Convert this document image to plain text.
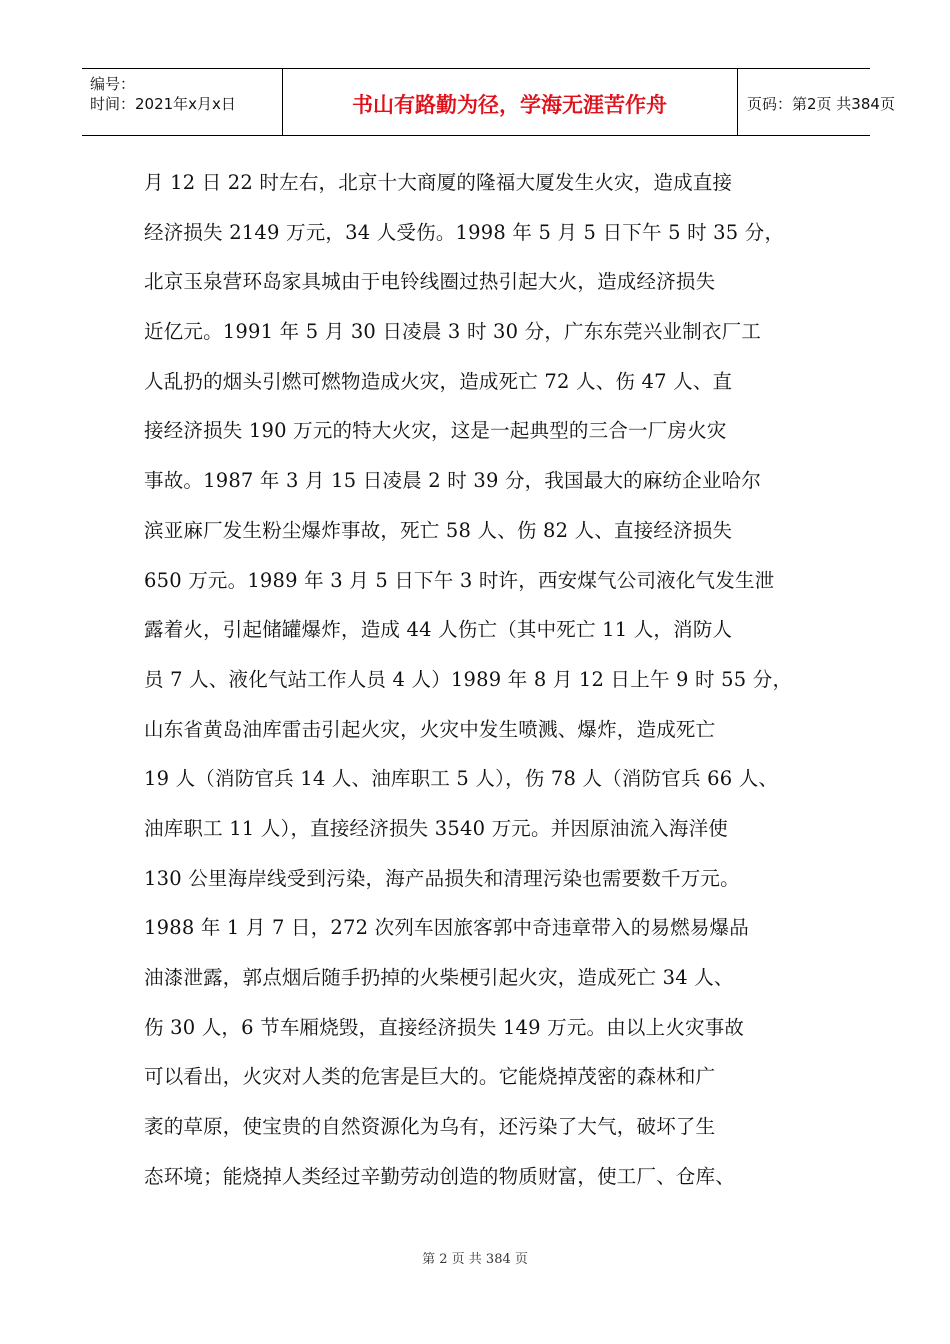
编号：
时间：2021年x月x日	书山有路勤为径，学海无涯苦作舟	页码：第2页 共384页
月 12 日 22 时左右，北京十大商厦的隆福大厦发生火灾，造成直接
经济损失 2149 万元，34 人受伤。1998 年 5 月 5 日下午 5 时 35 分，
北京玉泉营环岛家具城由于电铃线圈过热引起大火，造成经济损失
近亿元。1991 年 5 月 30 日凌晨 3 时 30 分，广东东莞兴业制衣厂工
人乱扔的烟头引燃可燃物造成火灾，造成死亡 72 人、伤 47 人、直
接经济损失 190 万元的特大火灾，这是一起典型的三合一厂房火灾
事故。1987 年 3 月 15 日凌晨 2 时 39 分，我国最大的麻纺企业哈尔
滨亚麻厂发生粉尘爆炸事故，死亡 58 人、伤 82 人、直接经济损失
650 万元。1989 年 3 月 5 日下午 3 时许，西安煤气公司液化气发生泄
露着火，引起储罐爆炸，造成 44 人伤亡（其中死亡 11 人，消防人
员 7 人、液化气站工作人员 4 人）1989 年 8 月 12 日上午 9 时 55 分，
山东省黄岛油库雷击引起火灾，火灾中发生喷溅、爆炸，造成死亡
19 人（消防官兵 14 人、油库职工 5 人），伤 78 人（消防官兵 66 人、
油库职工 11 人），直接经济损失 3540 万元。并因原油流入海洋使
130 公里海岸线受到污染，海产品损失和清理污染也需要数千万元。
1988 年 1 月 7 日，272 次列车因旅客郭中奇违章带入的易燃易爆品
油漆泄露，郭点烟后随手扔掉的火柴梗引起火灾，造成死亡 34 人、
伤 30 人，6 节车厢烧毁，直接经济损失 149 万元。由以上火灾事故
可以看出，火灾对人类的危害是巨大的。它能烧掉茂密的森林和广
袤的草原，使宝贵的自然资源化为乌有，还污染了大气，破坏了生
态环境；能烧掉人类经过辛勤劳动创造的物质财富，使工厂、仓库、
第 2 页 共 384 页
